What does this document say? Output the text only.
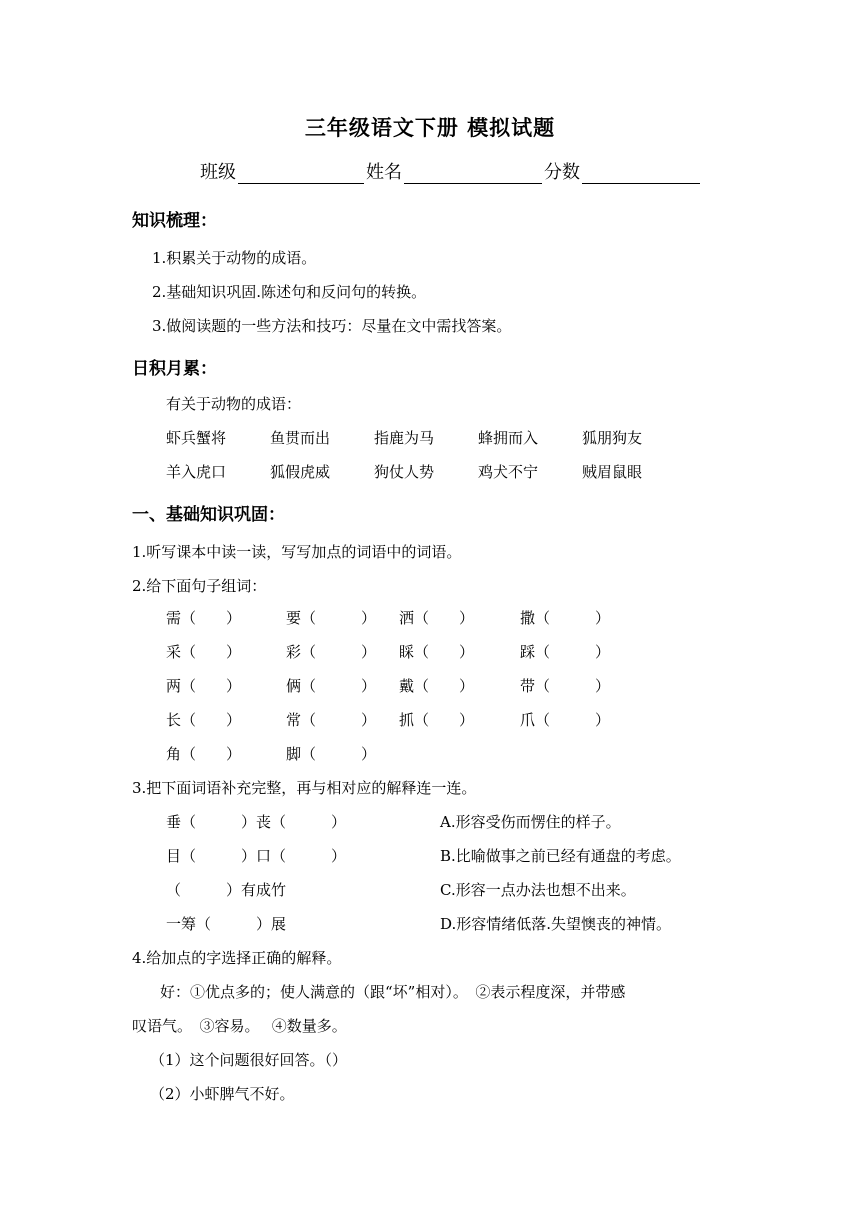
三年级语文下册 模拟试题
班级	姓名	分数
知识梳理：
1.积累关于动物的成语。
2.基础知识巩固.陈述句和反问句的转换。
3.做阅读题的一些方法和技巧：尽量在文中需找答案。
日积月累：
有关于动物的成语：
虾兵蟹将	鱼贯而出	指鹿为马	蜂拥而入	狐朋狗友
羊入虎口	狐假虎威	狗仗人势	鸡犬不宁	贼眉鼠眼
一、基础知识巩固：
1.听写课本中读一读，写写加点的词语中的词语。
2.给下面句子组词：
需（　　）	要（　　　） 洒（　　）	撒（　　　）
采（　　）	彩（　　　） 睬（　　）	踩（　　　）
两（　　）	俩（　　　） 戴（　　）	带（　　　）
长（　　）	常（　　　） 抓（　　）	爪（　　　）
角（　　）	脚（　　　）
3.把下面词语补充完整，再与相对应的解释连一连。
垂（　　　）丧（　　　）	A.形容受伤而愣住的样子。
目（　　　）口（　　　）	B.比喻做事之前已经有通盘的考虑。
（　　　）有成竹	C.形容一点办法也想不出来。
一筹（　　　）展	D.形容情绪低落.失望懊丧的神情。
4.给加点的字选择正确的解释。
好：①优点多的；使人满意的（跟“坏”相对）。　②表示程度深，并带感
叹语气。　③容易。　 ④数量多。
（1）这个问题很好回答。（）
（2）小虾脾气不好。
